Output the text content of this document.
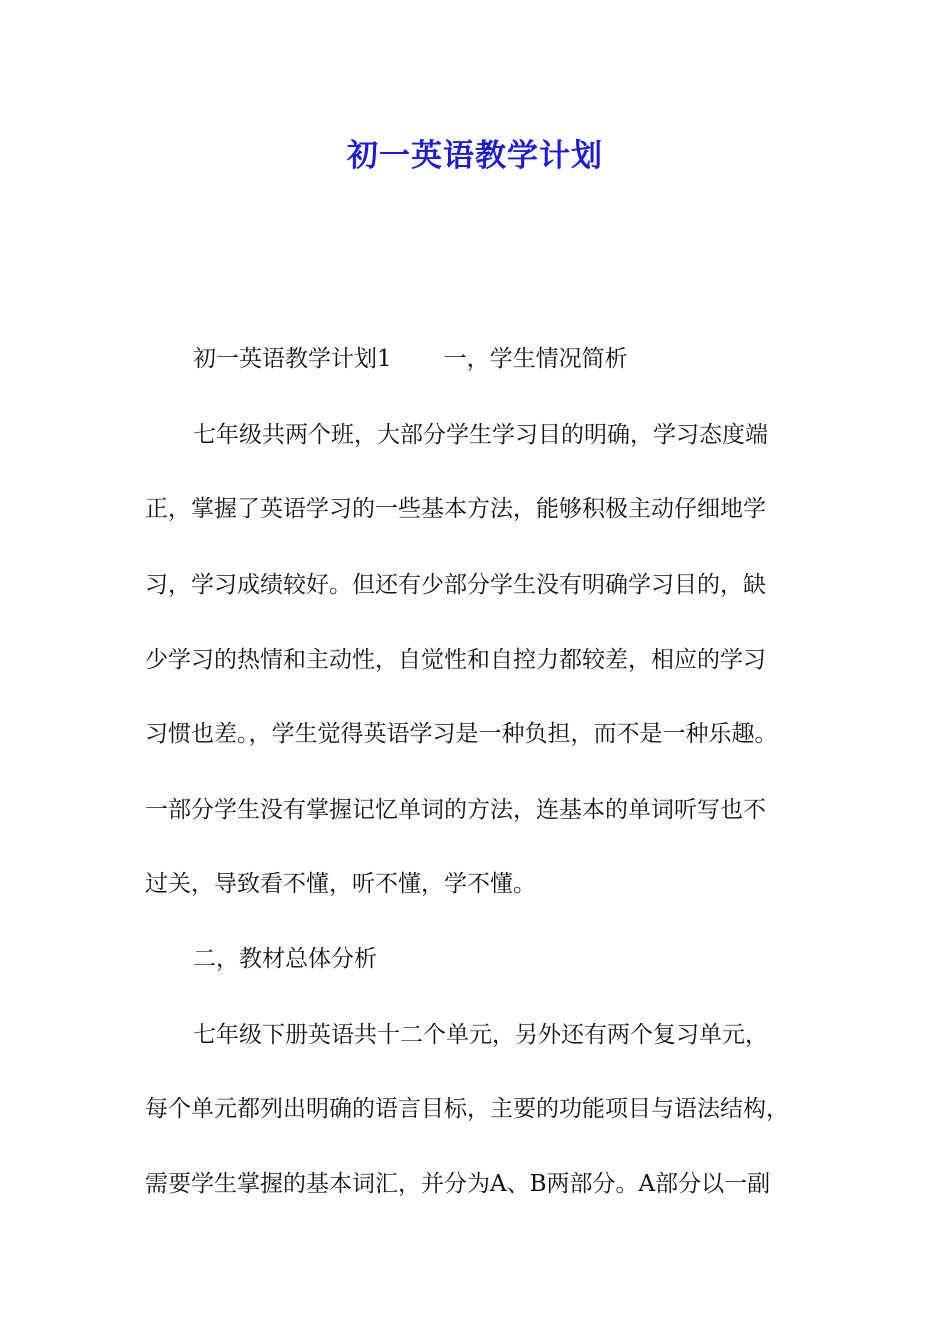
初一英语教学计划

初一英语教学计划1 一，学生情况简析

七年级共两个班，大部分学生学习目的明确，学习态度端

正，掌握了英语学习的一些基本方法，能够积极主动仔细地学

习，学习成绩较好。但还有少部分学生没有明确学习目的，缺

少学习的热情和主动性，自觉性和自控力都较差，相应的学习

习惯也差。，学生觉得英语学习是一种负担，而不是一种乐趣。

一部分学生没有掌握记忆单词的方法，连基本的单词听写也不

过关，导致看不懂，听不懂，学不懂。

二，教材总体分析

七年级下册英语共十二个单元，另外还有两个复习单元，

每个单元都列出明确的语言目标，主要的功能项目与语法结构，

需要学生掌握的基本词汇，并分为A、B两部分。A部分以一副
